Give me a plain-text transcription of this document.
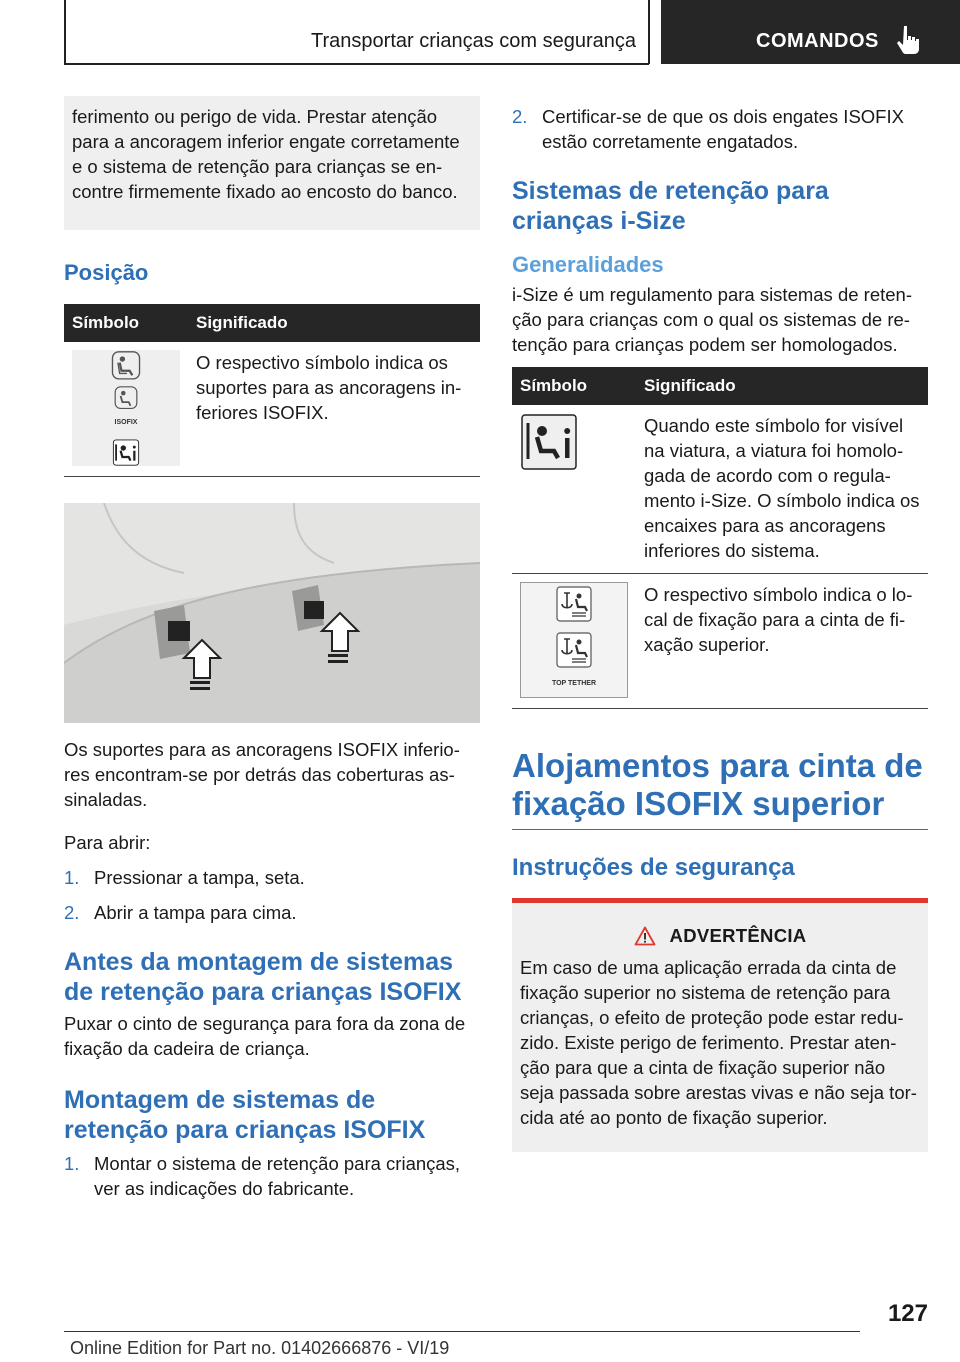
Transportar crianças com segurança	COMANDOS
ferimento ou perigo de vida. Prestar atenção para a ancoragem inferior engate corretamente e o sistema de retenção para crianças se en-contre firmemente fixado ao encosto do banco.
Posição
Símbolo	Significado

ISOFIX	O respectivo símbolo indica os suportes para as ancoragens in-feriores ISOFIX.
Os suportes para as ancoragens ISOFIX inferio-res encontram-se por detrás das coberturas as-sinaladas.
Para abrir:
1. Pressionar a tampa, seta.
2. Abrir a tampa para cima.
Antes da montagem de sistemas de retenção para crianças ISOFIX
Puxar o cinto de segurança para fora da zona de fixação da cadeira de criança.
Montagem de sistemas de retenção para crianças ISOFIX
1. Montar o sistema de retenção para crianças, ver as indicações do fabricante.
2. Certificar-se de que os dois engates ISOFIX estão corretamente engatados.
Sistemas de retenção para crianças i-Size
Generalidades
i-Size é um regulamento para sistemas de reten-ção para crianças com o qual os sistemas de re-tenção para crianças podem ser homologados.
Símbolo	Significado
	Quando este símbolo for visível na viatura, a viatura foi homolo-gada de acordo com o regula-mento i-Size. O símbolo indica os encaixes para as ancoragens inferiores do sistema.

TOP TETHER	O respectivo símbolo indica o lo-cal de fixação para a cinta de fi-xação superior.
Alojamentos para cinta de fixação ISOFIX superior
Instruções de segurança
ADVERTÊNCIA
Em caso de uma aplicação errada da cinta de fixação superior no sistema de retenção para crianças, o efeito de proteção pode estar redu-zido. Existe perigo de ferimento. Prestar aten-ção para que a cinta de fixação superior não seja passada sobre arestas vivas e não seja tor-cida até ao ponto de fixação superior.
127
Online Edition for Part no. 01402666876 - VI/19
